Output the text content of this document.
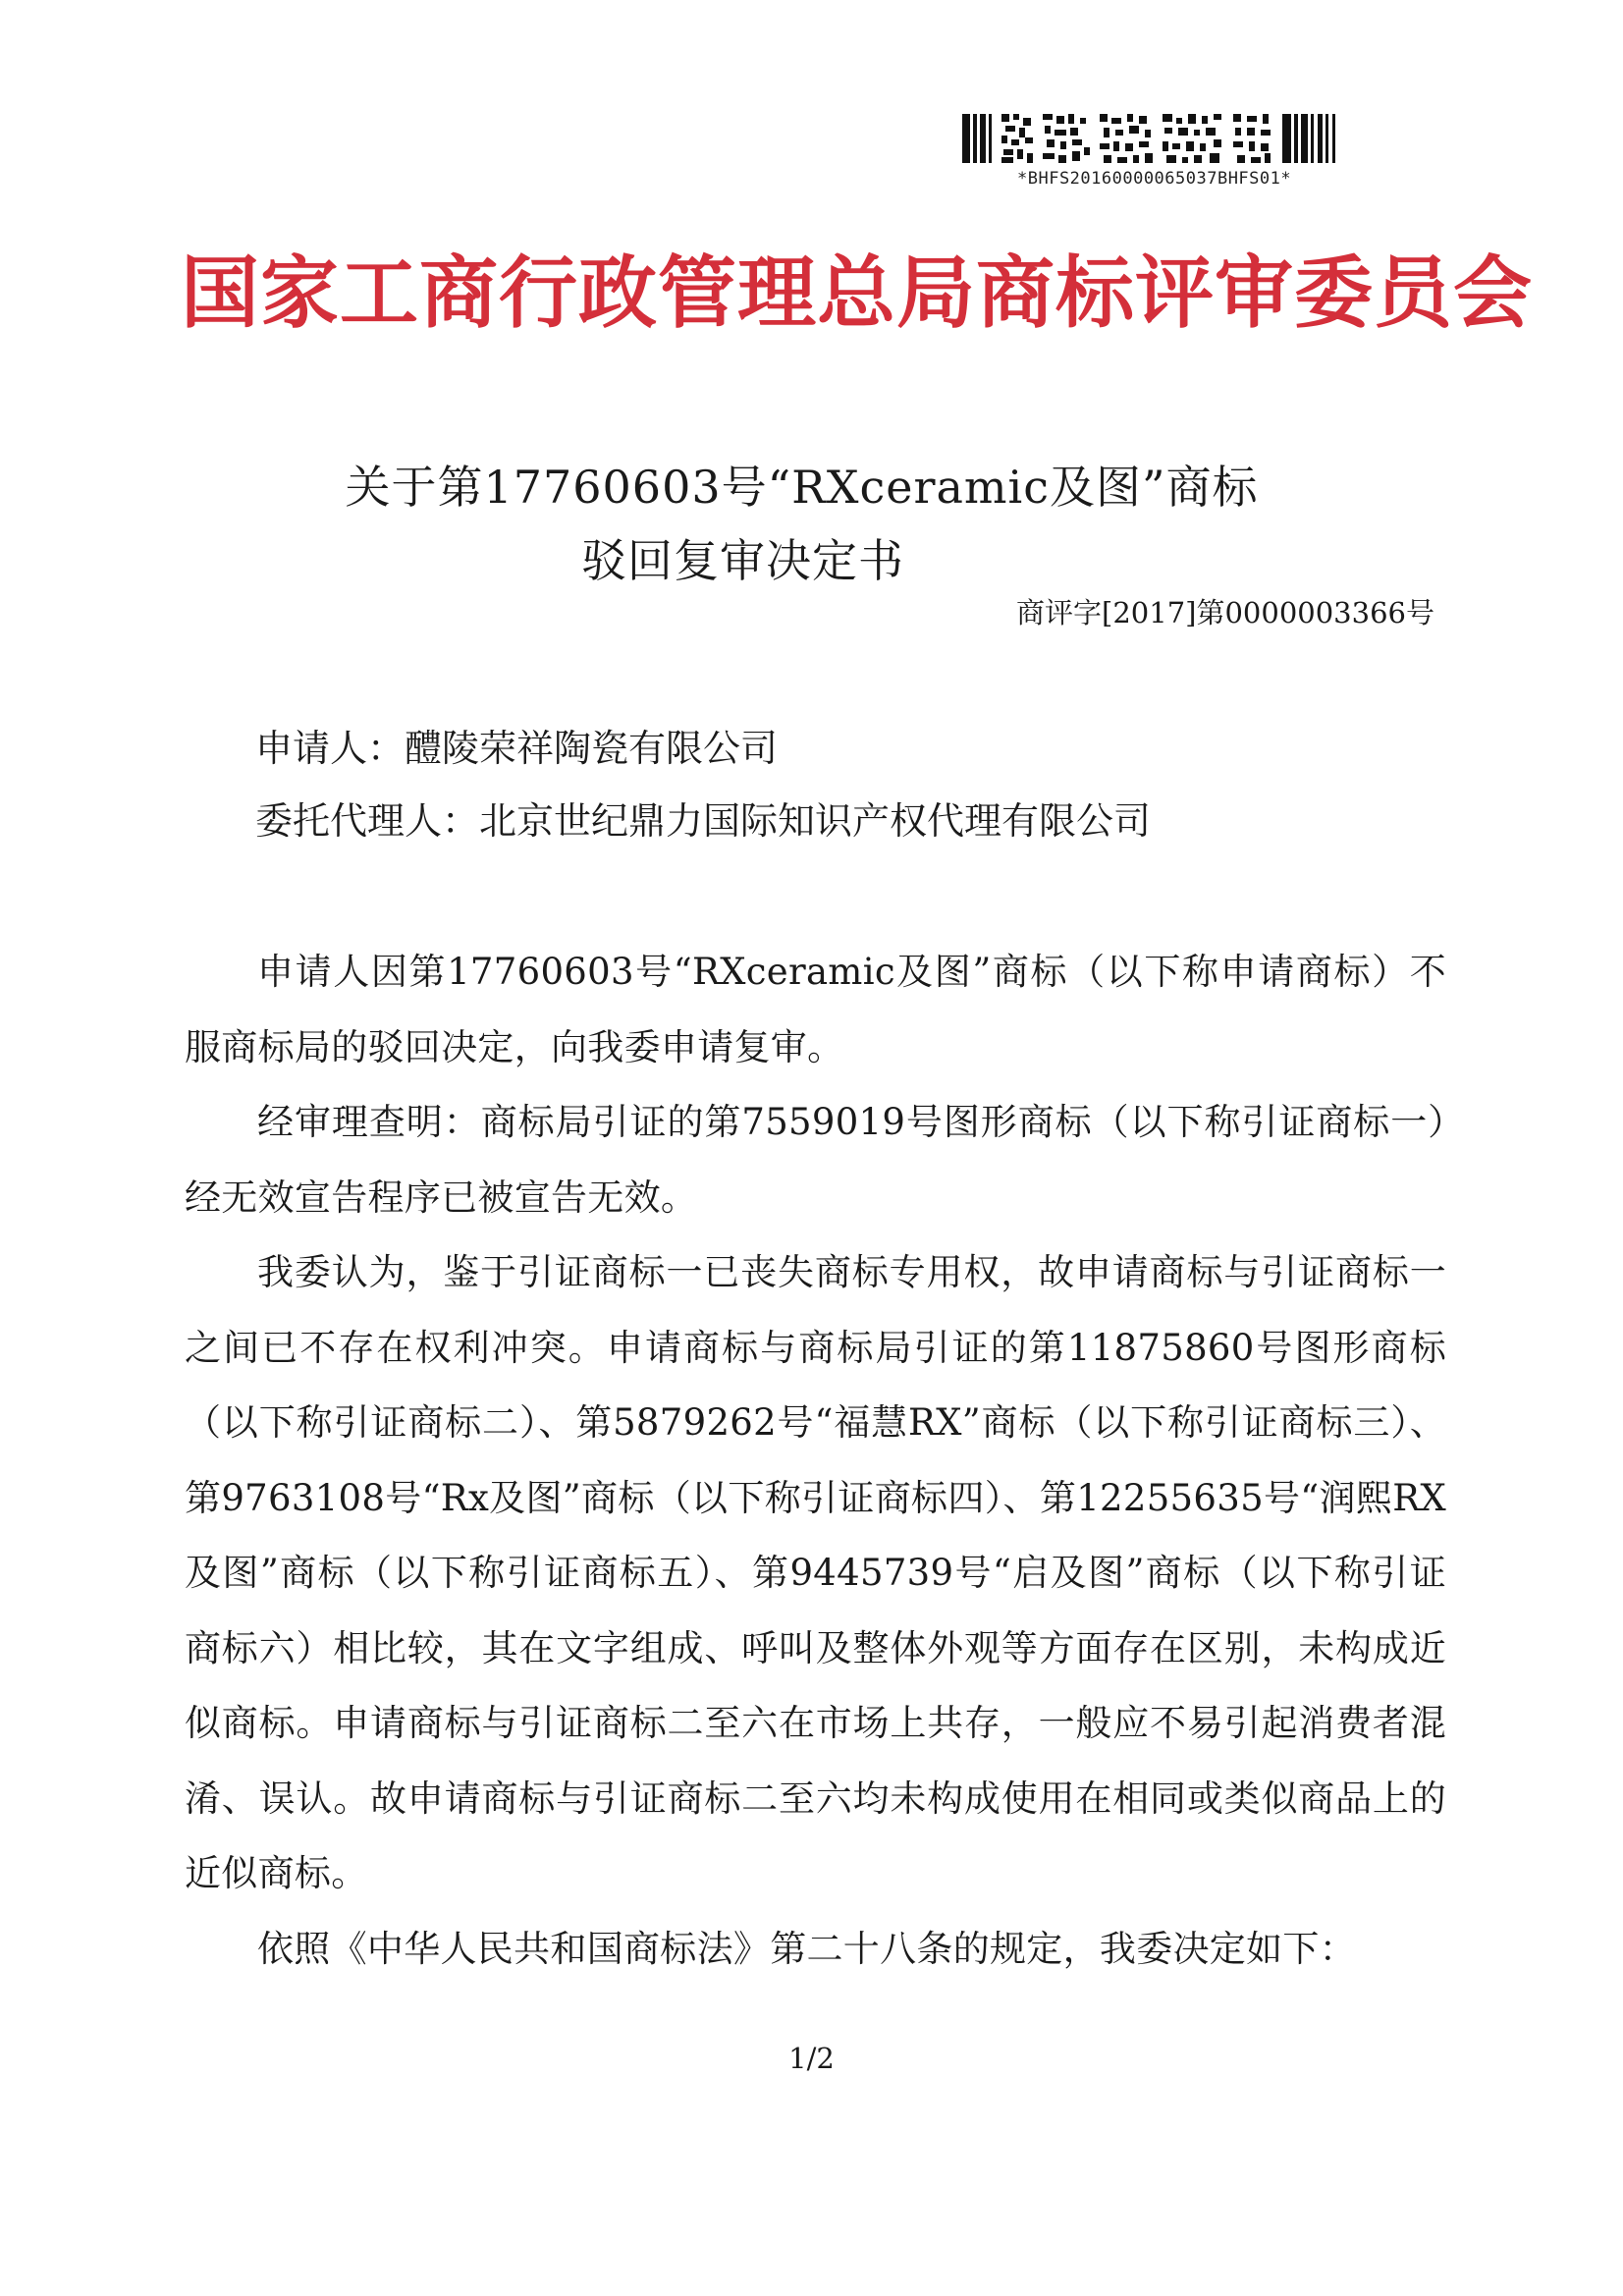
*BHFS20160000065037BHFS01*
国家工商行政管理总局商标评审委员会
关于第17760603号“RXceramic及图”商标
驳回复审决定书
商评字[2017]第0000003366号
申请人：醴陵荣祥陶瓷有限公司
委托代理人：北京世纪鼎力国际知识产权代理有限公司

申请人因第17760603号“RXceramic及图”商标（以下称申请商标）不服商标局的驳回决定，向我委申请复审。

经审理查明：商标局引证的第7559019号图形商标（以下称引证商标一）经无效宣告程序已被宣告无效。

我委认为，鉴于引证商标一已丧失商标专用权，故申请商标与引证商标一之间已不存在权利冲突。申请商标与商标局引证的第11875860号图形商标（以下称引证商标二）、第5879262号“福慧RX”商标（以下称引证商标三）、第9763108号“Rx及图”商标（以下称引证商标四）、第12255635号“润熙RX及图”商标（以下称引证商标五）、第9445739号“启及图”商标（以下称引证商标六）相比较，其在文字组成、呼叫及整体外观等方面存在区别，未构成近似商标。申请商标与引证商标二至六在市场上共存，一般应不易引起消费者混淆、误认。故申请商标与引证商标二至六均未构成使用在相同或类似商品上的近似商标。

依照《中华人民共和国商标法》第二十八条的规定，我委决定如下：

1/2
